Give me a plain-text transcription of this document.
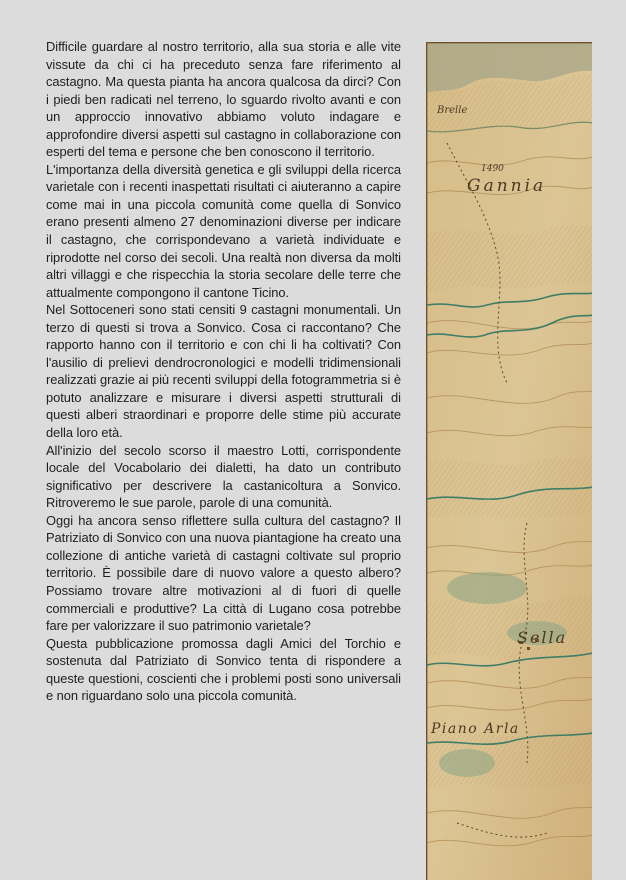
Difficile guardare al nostro territorio, alla sua storia e alle vite vissute da chi ci ha preceduto senza fare riferimento al castagno. Ma questa pianta ha ancora qualcosa da dirci? Con i piedi ben radicati nel terreno, lo sguardo rivolto avanti e con un approccio innovativo abbiamo voluto indagare e approfondire diversi aspetti sul castagno in collaborazione con esperti del tema e persone che ben conoscono il territorio.

L'importanza della diversità genetica e gli sviluppi della ricerca varietale con i recenti inaspettati risultati ci aiuteranno a capire come mai in una piccola comunità come quella di Sonvico erano presenti almeno 27 denominazioni diverse per indicare il castagno, che corrispondevano a varietà individuate e riprodotte nel corso dei secoli. Una realtà non diversa da molti altri villaggi e che rispecchia la storia secolare delle terre che attualmente compongono il cantone Ticino.

Nel Sottoceneri sono stati censiti 9 castagni monumentali. Un terzo di questi si trova a Sonvico. Cosa ci raccontano? Che rapporto hanno con il territorio e con chi li ha coltivati? Con l'ausilio di prelievi dendrocronologici e modelli tridimensionali realizzati grazie ai più recenti sviluppi della fotogrammetria si è potuto analizzare e misurare i diversi aspetti strutturali di questi alberi straordinari e proporre delle stime più accurate della loro età.

All'inizio del secolo scorso il maestro Lotti, corrispondente locale del Vocabolario dei dialetti, ha dato un contributo significativo per descrivere la castanicoltura a Sonvico. Ritroveremo le sue parole, parole di una comunità.

Oggi ha ancora senso riflettere sulla cultura del castagno? Il Patriziato di Sonvico con una nuova piantagione ha creato una collezione di antiche varietà di castagni coltivate sul proprio territorio. È possibile dare di nuovo valore a questo albero? Possiamo trovare altre motivazioni al di fuori di quelle commerciali e produttive? La città di Lugano cosa potrebbe fare per valorizzare il suo patrimonio varietale?

Questa pubblicazione promossa dagli Amici del Torchio e sostenuta dal Patriziato di Sonvico tenta di rispondere a queste questioni, coscienti che i problemi posti sono universali e non riguardano solo una piccola comunità.

Brelle
Gannia
1490
Sella
Piano Arla
